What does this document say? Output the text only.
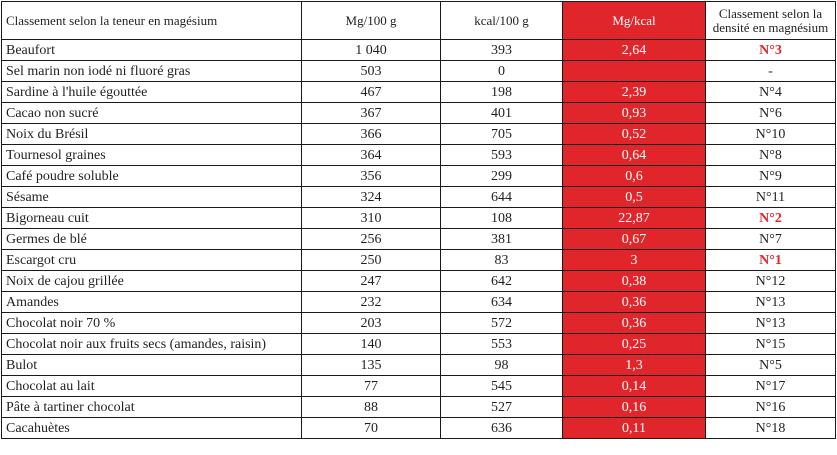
Classement selon la teneur en magésium	Mg/100 g	kcal/100 g	Mg/kcal	Classement selon la densité en magnésium
Beaufort	1 040	393	2,64	N°3
Sel marin non iodé ni fluoré gras	503	0		-
Sardine à l'huile égouttée	467	198	2,39	N°4
Cacao non sucré	367	401	0,93	N°6
Noix du Brésil	366	705	0,52	N°10
Tournesol graines	364	593	0,64	N°8
Café poudre soluble	356	299	0,6	N°9
Sésame	324	644	0,5	N°11
Bigorneau cuit	310	108	22,87	N°2
Germes de blé	256	381	0,67	N°7
Escargot cru	250	83	3	N°1
Noix de cajou grillée	247	642	0,38	N°12
Amandes	232	634	0,36	N°13
Chocolat noir 70 %	203	572	0,36	N°13
Chocolat noir aux fruits secs (amandes, raisin)	140	553	0,25	N°15
Bulot	135	98	1,3	N°5
Chocolat au lait	77	545	0,14	N°17
Pâte à tartiner chocolat	88	527	0,16	N°16
Cacahuètes	70	636	0,11	N°18
